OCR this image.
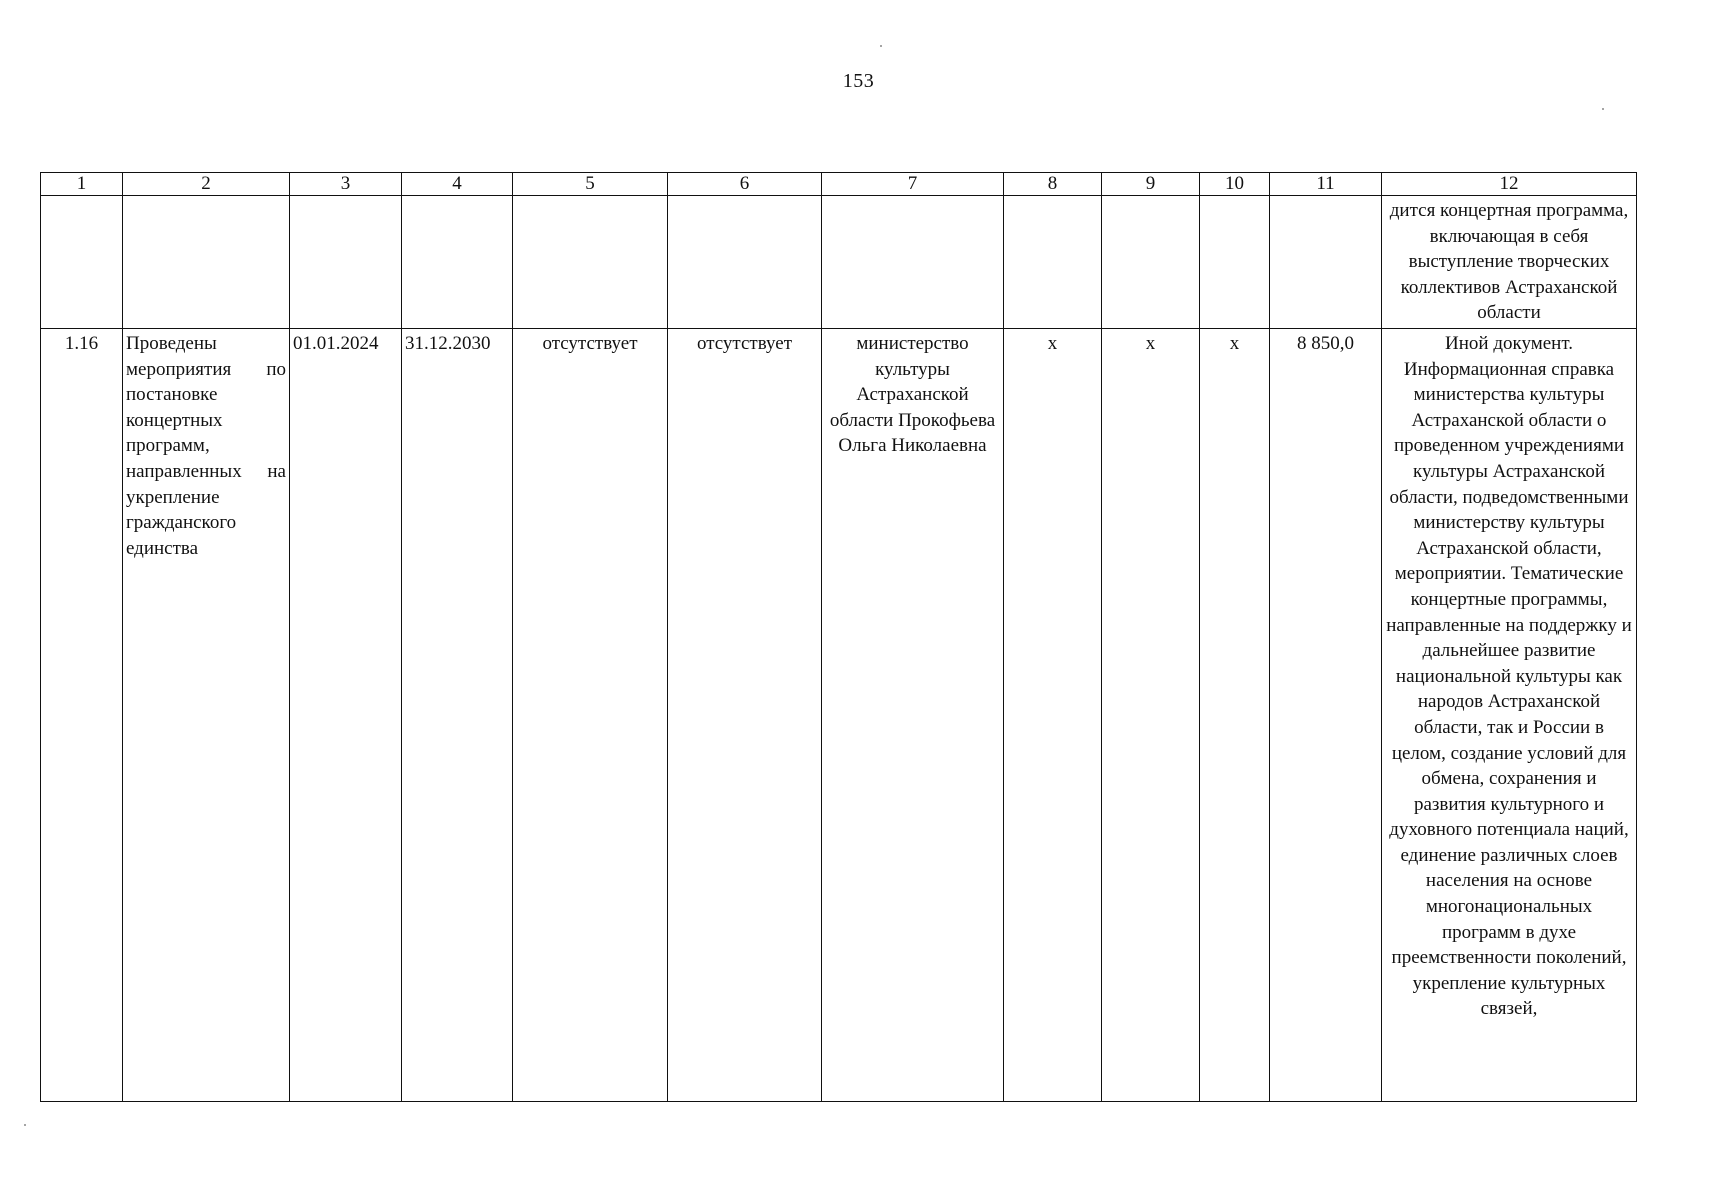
153
1	2	3	4	5	6	7	8	9	10	11	12
											дится концертная программа, включающая в себя выступление творческих коллективов Астраханской области
1.16	Проведены мероприятия по постановке концертных программ, направленных на укрепление гражданского единства	01.01.2024	31.12.2030	отсутствует	отсутствует	министерство культуры Астраханской области Прокофьева Ольга Николаевна	x	x	x	8 850,0	Иной документ.
Информационная справка министерства культуры Астраханской области о проведенном учреждениями культуры Астраханской области, подведомственными министерству культуры Астраханской области, мероприятии. Тематические концертные программы, направленные на поддержку и дальнейшее развитие национальной культуры как народов Астраханской области, так и России в целом, создание условий для обмена, сохранения и развития культурного и духовного потенциала наций, единение различных слоев населения на основе многонациональных программ в духе преемственности поколений, укрепление культурных связей,
